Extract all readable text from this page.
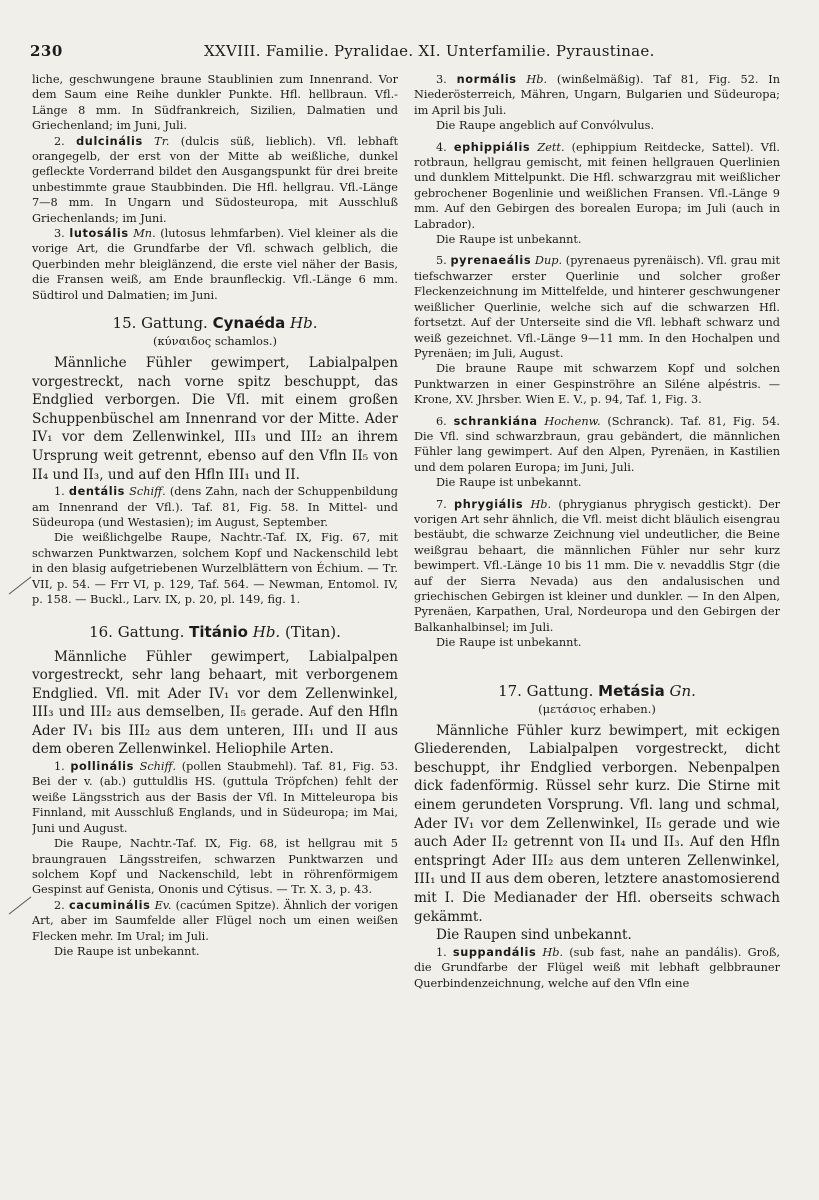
230	XXVIII. Familie. Pyralidae. XI. Unterfamilie. Pyraustinae.

liche, geschwungene braune Staublinien zum Innenrand. Vor dem Saum eine Reihe dunkler Punkte. Hfl. hellbraun. Vfl.-Länge 8 mm. In Südfrankreich, Sizilien, Dalmatien und Griechenland; im Juni, Juli.

2. dulcinális Tr. (dulcis süß, lieblich). Vfl. lebhaft orangegelb, der erst von der Mitte ab weißliche, dunkel gefleckte Vorderrand bildet den Ausgangspunkt für drei breite unbestimmte graue Staubbinden. Die Hfl. hellgrau. Vfl.-Länge 7—8 mm. In Ungarn und Südosteuropa, mit Ausschluß Griechenlands; im Juni.

3. lutosális Mn. (lutosus lehmfarben). Viel kleiner als die vorige Art, die Grundfarbe der Vfl. schwach gelblich, die Querbinden mehr bleiglänzend, die erste viel näher der Basis, die Fransen weiß, am Ende braunfleckig. Vfl.-Länge 6 mm. Südtirol und Dalmatien; im Juni.

15. Gattung. Cynaéda Hb.
(κύναιδος schamlos.)

Männliche Fühler gewimpert, Labialpalpen vorgestreckt, nach vorne spitz beschuppt, das Endglied verborgen. Die Vfl. mit einem großen Schuppenbüschel am Innenrand vor der Mitte. Ader IV₁ vor dem Zellenwinkel, III₃ und III₂ an ihrem Ursprung weit getrennt, ebenso auf den Vfln II₅ von II₄ und II₃, und auf den Hfln III₁ und II.

1. dentális Schiff. (dens Zahn, nach der Schuppenbildung am Innenrand der Vfl.). Taf. 81, Fig. 58. In Mittel- und Südeuropa (und Westasien); im August, September.

Die weißlichgelbe Raupe, Nachtr.-Taf. IX, Fig. 67, mit schwarzen Punktwarzen, solchem Kopf und Nackenschild lebt in den blasig aufgetriebenen Wurzelblättern von Échium. — Tr. VII, p. 54. — Frr VI, p. 129, Taf. 564. — Newman, Entomol. IV, p. 158. — Buckl., Larv. IX, p. 20, pl. 149, fig. 1.

16. Gattung. Titánio Hb. (Titan).

Männliche Fühler gewimpert, Labialpalpen vorgestreckt, sehr lang behaart, mit verborgenem Endglied. Vfl. mit Ader IV₁ vor dem Zellenwinkel, III₃ und III₂ aus demselben, II₅ gerade. Auf den Hfln Ader IV₁ bis III₂ aus dem unteren, III₁ und II aus dem oberen Zellenwinkel. Heliophile Arten.

1. pollinális Schiff. (pollen Staubmehl). Taf. 81, Fig. 53. Bei der v. (ab.) guttuldlis HS. (guttula Tröpfchen) fehlt der weiße Längsstrich aus der Basis der Vfl. In Mitteleuropa bis Finnland, mit Ausschluß Englands, und in Südeuropa; im Mai, Juni und August.

Die Raupe, Nachtr.-Taf. IX, Fig. 68, ist hellgrau mit 5 braungrauen Längsstreifen, schwarzen Punktwarzen und solchem Kopf und Nackenschild, lebt in röhrenförmigem Gespinst auf Genista, Ononis und Cýtisus. — Tr. X. 3, p. 43.

2. cacuminális Ev. (cacúmen Spitze). Ähnlich der vorigen Art, aber im Saumfelde aller Flügel noch um einen weißen Flecken mehr. Im Ural; im Juli.

Die Raupe ist unbekannt.

3. normális Hb. (winßelmäßig). Taf 81, Fig. 52. In Niederösterreich, Mähren, Ungarn, Bulgarien und Südeuropa; im April bis Juli.

Die Raupe angeblich auf Convólvulus.

4. ephippiális Zett. (ephippium Reitdecke, Sattel). Vfl. rotbraun, hellgrau gemischt, mit feinen hellgrauen Querlinien und dunklem Mittelpunkt. Die Hfl. schwarzgrau mit weißlicher gebrochener Bogenlinie und weißlichen Fransen. Vfl.-Länge 9 mm. Auf den Gebirgen des borealen Europa; im Juli (auch in Labrador).

Die Raupe ist unbekannt.

5. pyrenaeális Dup. (pyrenaeus pyrenäisch). Vfl. grau mit tiefschwarzer erster Querlinie und solcher großer Fleckenzeichnung im Mittelfelde, und hinterer geschwungener weißlicher Querlinie, welche sich auf die schwarzen Hfl. fortsetzt. Auf der Unterseite sind die Vfl. lebhaft schwarz und weiß gezeichnet. Vfl.-Länge 9—11 mm. In den Hochalpen und Pyrenäen; im Juli, August.

Die braune Raupe mit schwarzem Kopf und solchen Punktwarzen in einer Gespinströhre an Siléne alpéstris. — Krone, XV. Jhrsber. Wien E. V., p. 94, Taf. 1, Fig. 3.

6. schrankiána Hochenw. (Schranck). Taf. 81, Fig. 54. Die Vfl. sind schwarzbraun, grau gebändert, die männlichen Fühler lang gewimpert. Auf den Alpen, Pyrenäen, in Kastilien und dem polaren Europa; im Juni, Juli.

Die Raupe ist unbekannt.

7. phrygiális Hb. (phrygianus phrygisch gestickt). Der vorigen Art sehr ähnlich, die Vfl. meist dicht bläulich eisengrau bestäubt, die schwarze Zeichnung viel undeutlicher, die Beine weißgrau behaart, die männlichen Fühler nur sehr kurz bewimpert. Vfl.-Länge 10 bis 11 mm. Die v. nevaddlis Stgr (die auf der Sierra Nevada) aus den andalusischen und griechischen Gebirgen ist kleiner und dunkler. — In den Alpen, Pyrenäen, Karpathen, Ural, Nordeuropa und den Gebirgen der Balkanhalbinsel; im Juli.

Die Raupe ist unbekannt.

17. Gattung. Metásia Gn.
(μετάσιος erhaben.)

Männliche Fühler kurz bewimpert, mit eckigen Gliederenden, Labialpalpen vorgestreckt, dicht beschuppt, ihr Endglied verborgen. Nebenpalpen dick fadenförmig. Rüssel sehr kurz. Die Stirne mit einem gerundeten Vorsprung. Vfl. lang und schmal, Ader IV₁ vor dem Zellenwinkel, II₅ gerade und wie auch Ader II₂ getrennt von II₄ und II₃. Auf den Hfln entspringt Ader III₂ aus dem unteren Zellenwinkel, III₁ und II aus dem oberen, letztere anastomosierend mit I. Die Medianader der Hfl. oberseits schwach gekämmt.

Die Raupen sind unbekannt.

1. suppandális Hb. (sub fast, nahe an pandális). Groß, die Grundfarbe der Flügel weiß mit lebhaft gelbbrauner Querbindenzeichnung, welche auf den Vfln eine
